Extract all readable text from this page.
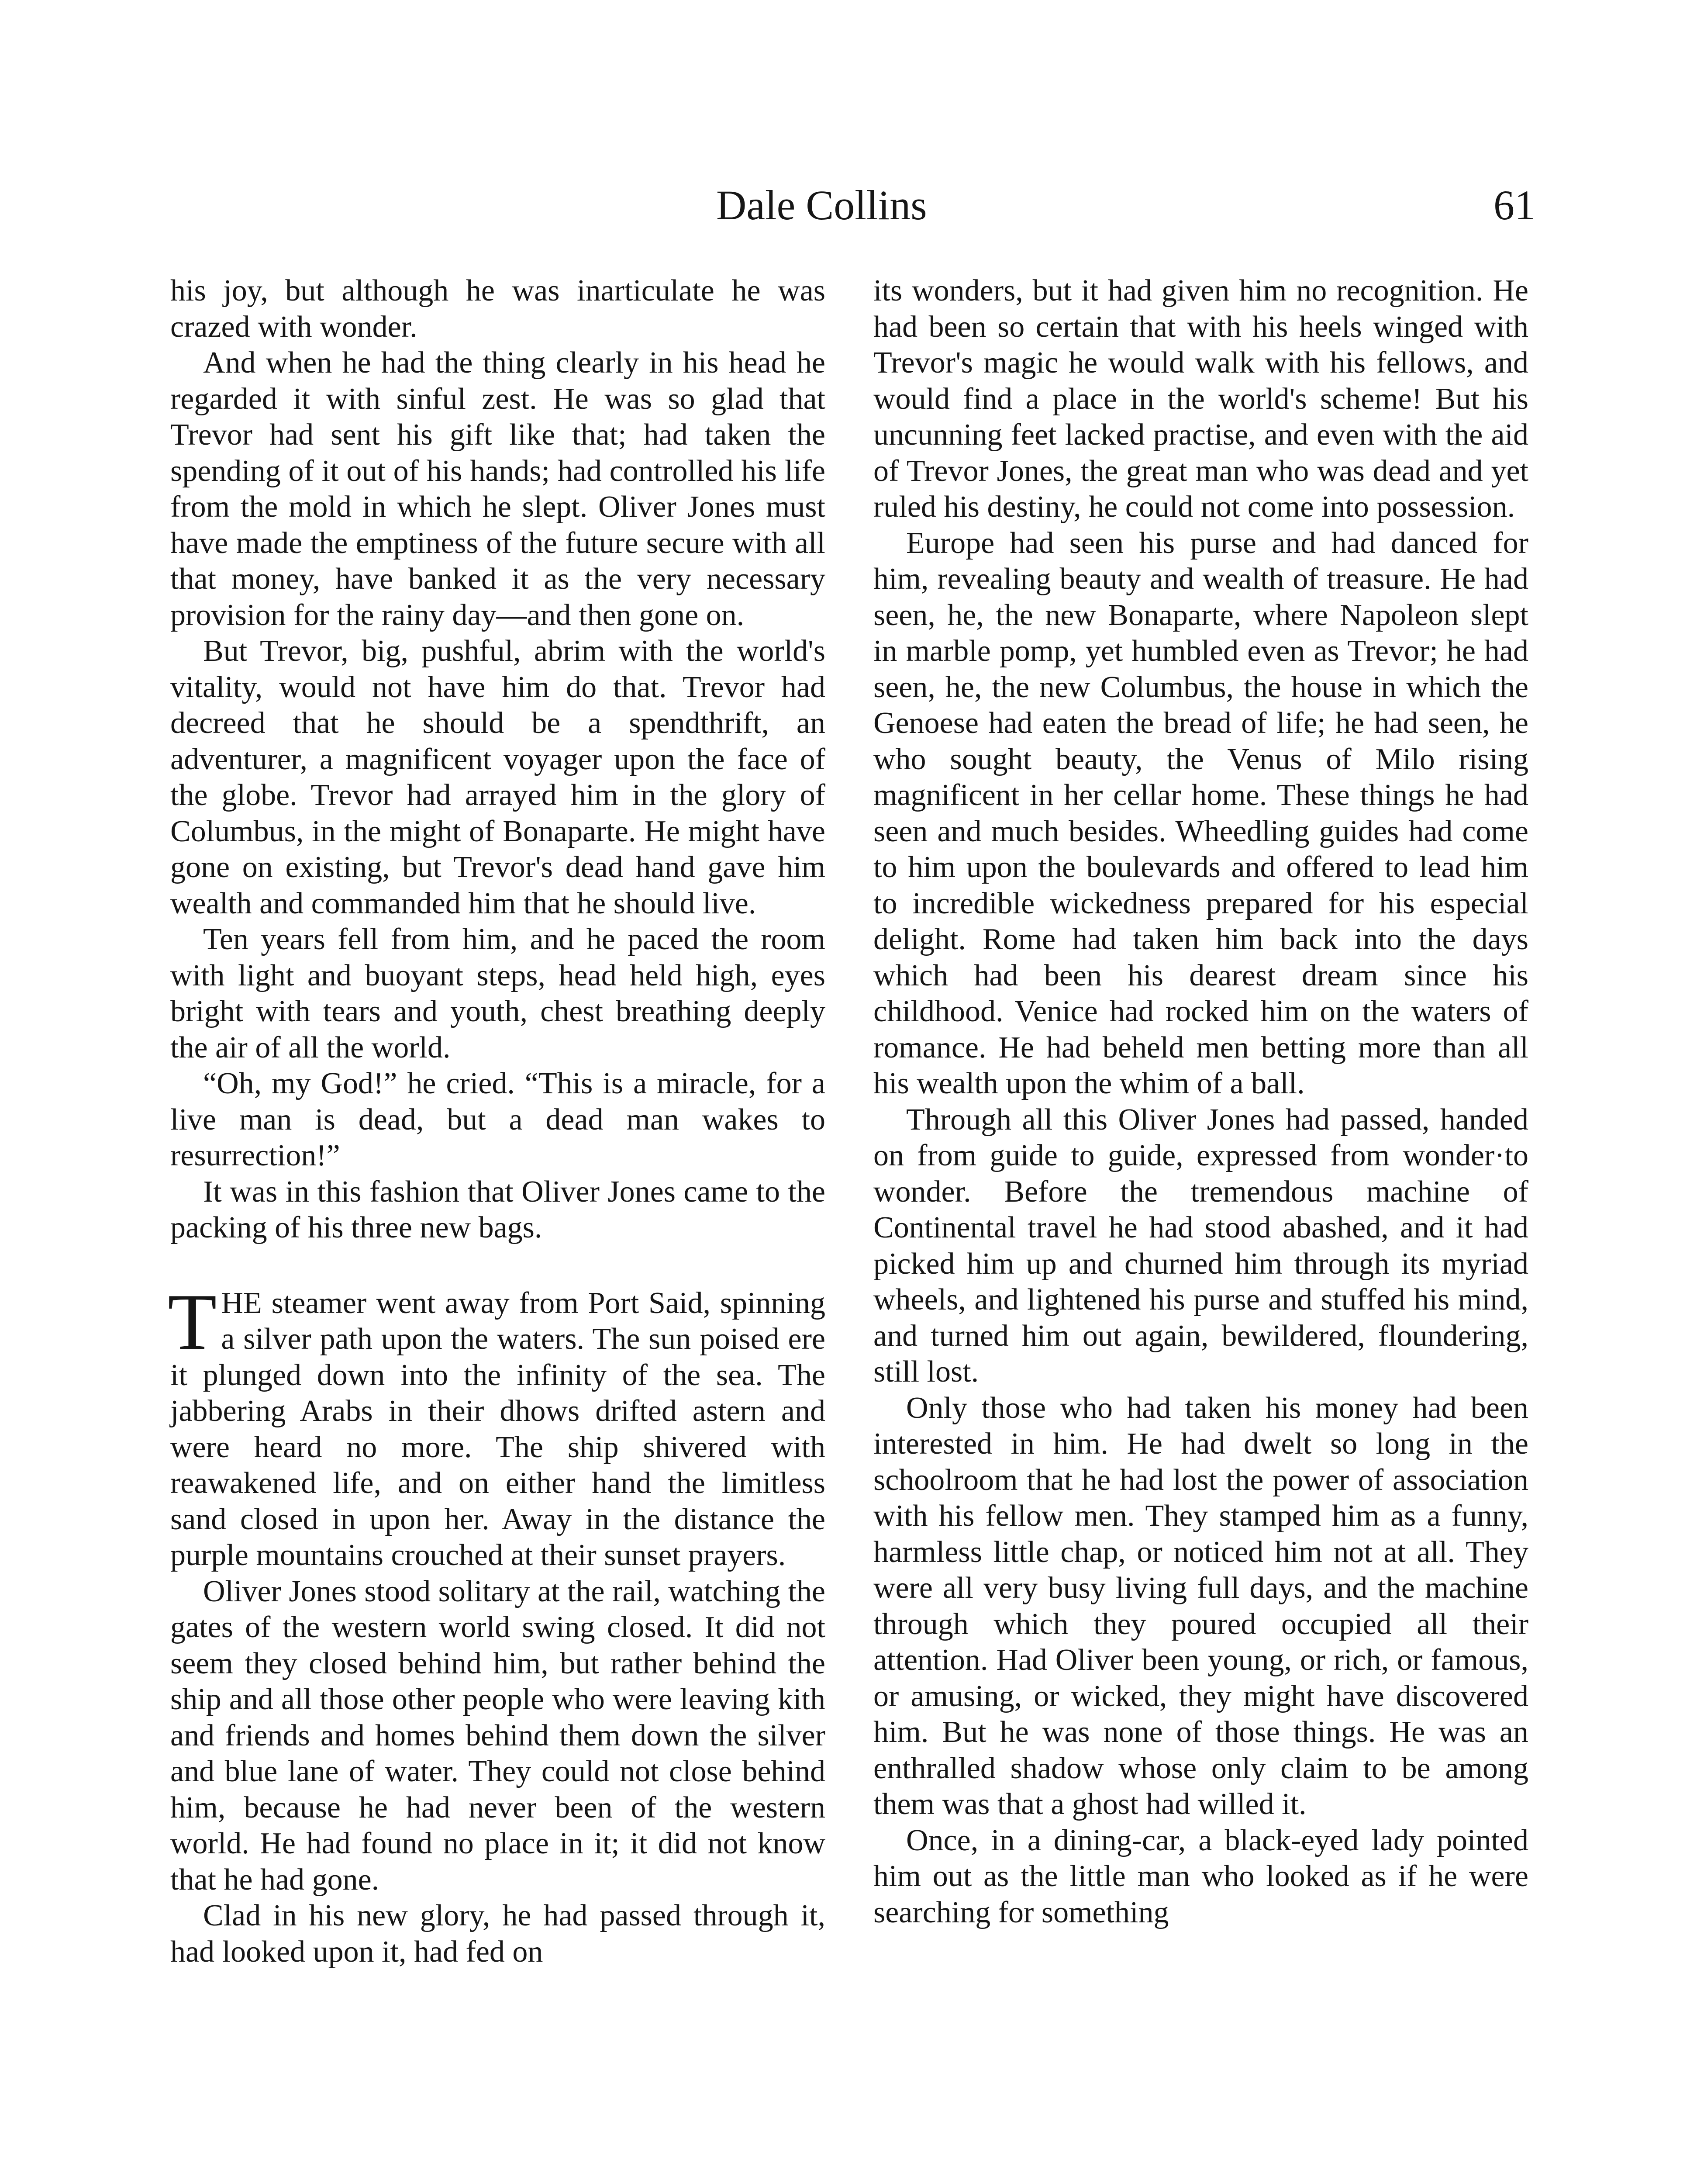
Dale Collins	61

his joy, but although he was inarticulate he was crazed with wonder.

And when he had the thing clearly in his head he regarded it with sinful zest. He was so glad that Trevor had sent his gift like that; had taken the spending of it out of his hands; had controlled his life from the mold in which he slept. Oliver Jones must have made the emptiness of the future secure with all that money, have banked it as the very necessary provision for the rainy day—and then gone on.

But Trevor, big, pushful, abrim with the world's vitality, would not have him do that. Trevor had decreed that he should be a spendthrift, an adventurer, a magnificent voyager upon the face of the globe. Trevor had arrayed him in the glory of Columbus, in the might of Bonaparte. He might have gone on existing, but Trevor's dead hand gave him wealth and commanded him that he should live.

Ten years fell from him, and he paced the room with light and buoyant steps, head held high, eyes bright with tears and youth, chest breathing deeply the air of all the world.

“Oh, my God!” he cried. “This is a miracle, for a live man is dead, but a dead man wakes to resurrection!”

It was in this fashion that Oliver Jones came to the packing of his three new bags.

THE steamer went away from Port Said, spinning a silver path upon the waters. The sun poised ere it plunged down into the infinity of the sea. The jabbering Arabs in their dhows drifted astern and were heard no more. The ship shivered with reawakened life, and on either hand the limitless sand closed in upon her. Away in the distance the purple mountains crouched at their sunset prayers.

Oliver Jones stood solitary at the rail, watching the gates of the western world swing closed. It did not seem they closed behind him, but rather behind the ship and all those other people who were leaving kith and friends and homes behind them down the silver and blue lane of water. They could not close behind him, because he had never been of the western world. He had found no place in it; it did not know that he had gone.

Clad in his new glory, he had passed through it, had looked upon it, had fed on

its wonders, but it had given him no recognition. He had been so certain that with his heels winged with Trevor's magic he would walk with his fellows, and would find a place in the world's scheme! But his uncunning feet lacked practise, and even with the aid of Trevor Jones, the great man who was dead and yet ruled his destiny, he could not come into possession.

Europe had seen his purse and had danced for him, revealing beauty and wealth of treasure. He had seen, he, the new Bonaparte, where Napoleon slept in marble pomp, yet humbled even as Trevor; he had seen, he, the new Columbus, the house in which the Genoese had eaten the bread of life; he had seen, he who sought beauty, the Venus of Milo rising magnificent in her cellar home. These things he had seen and much besides. Wheedling guides had come to him upon the boulevards and offered to lead him to incredible wickedness prepared for his especial delight. Rome had taken him back into the days which had been his dearest dream since his childhood. Venice had rocked him on the waters of romance. He had beheld men betting more than all his wealth upon the whim of a ball.

Through all this Oliver Jones had passed, handed on from guide to guide, expressed from wonder·to wonder. Before the tremendous machine of Continental travel he had stood abashed, and it had picked him up and churned him through its myriad wheels, and lightened his purse and stuffed his mind, and turned him out again, bewildered, floundering, still lost.

Only those who had taken his money had been interested in him. He had dwelt so long in the schoolroom that he had lost the power of association with his fellow men. They stamped him as a funny, harmless little chap, or noticed him not at all. They were all very busy living full days, and the machine through which they poured occupied all their attention. Had Oliver been young, or rich, or famous, or amusing, or wicked, they might have discovered him. But he was none of those things. He was an enthralled shadow whose only claim to be among them was that a ghost had willed it.

Once, in a dining-car, a black-eyed lady pointed him out as the little man who looked as if he were searching for something
